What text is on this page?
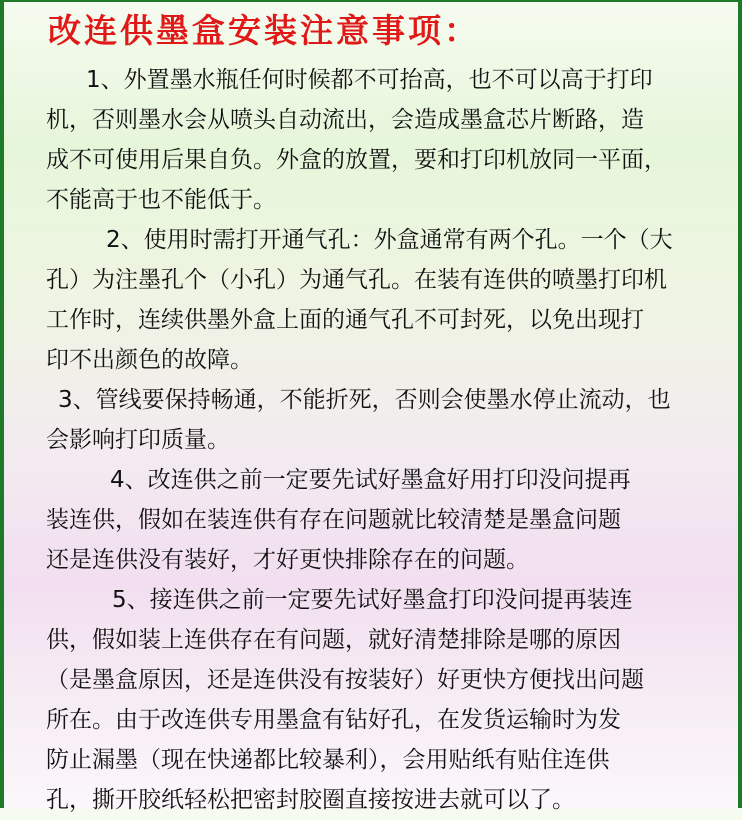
改连供墨盒安装注意事项：
1、外置墨水瓶任何时候都不可抬高，也不可以高于打印
机，否则墨水会从喷头自动流出，会造成墨盒芯片断路，造
成不可使用后果自负。外盒的放置，要和打印机放同一平面，
不能高于也不能低于。
2、使用时需打开通气孔：外盒通常有两个孔。一个（大
孔）为注墨孔个（小孔）为通气孔。在装有连供的喷墨打印机
工作时，连续供墨外盒上面的通气孔不可封死，以免出现打
印不出颜色的故障。
3、管线要保持畅通，不能折死，否则会使墨水停止流动，也
会影响打印质量。
4、改连供之前一定要先试好墨盒好用打印没问提再
装连供，假如在装连供有存在问题就比较清楚是墨盒问题
还是连供没有装好，才好更快排除存在的问题。
5、接连供之前一定要先试好墨盒打印没问提再装连
供，假如装上连供存在有问题，就好清楚排除是哪的原因
（是墨盒原因，还是连供没有按装好）好更快方便找出问题
所在。由于改连供专用墨盒有钻好孔，在发货运输时为发
防止漏墨（现在快递都比较暴利），会用贴纸有贴住连供
孔，撕开胶纸轻松把密封胶圈直接按进去就可以了。
